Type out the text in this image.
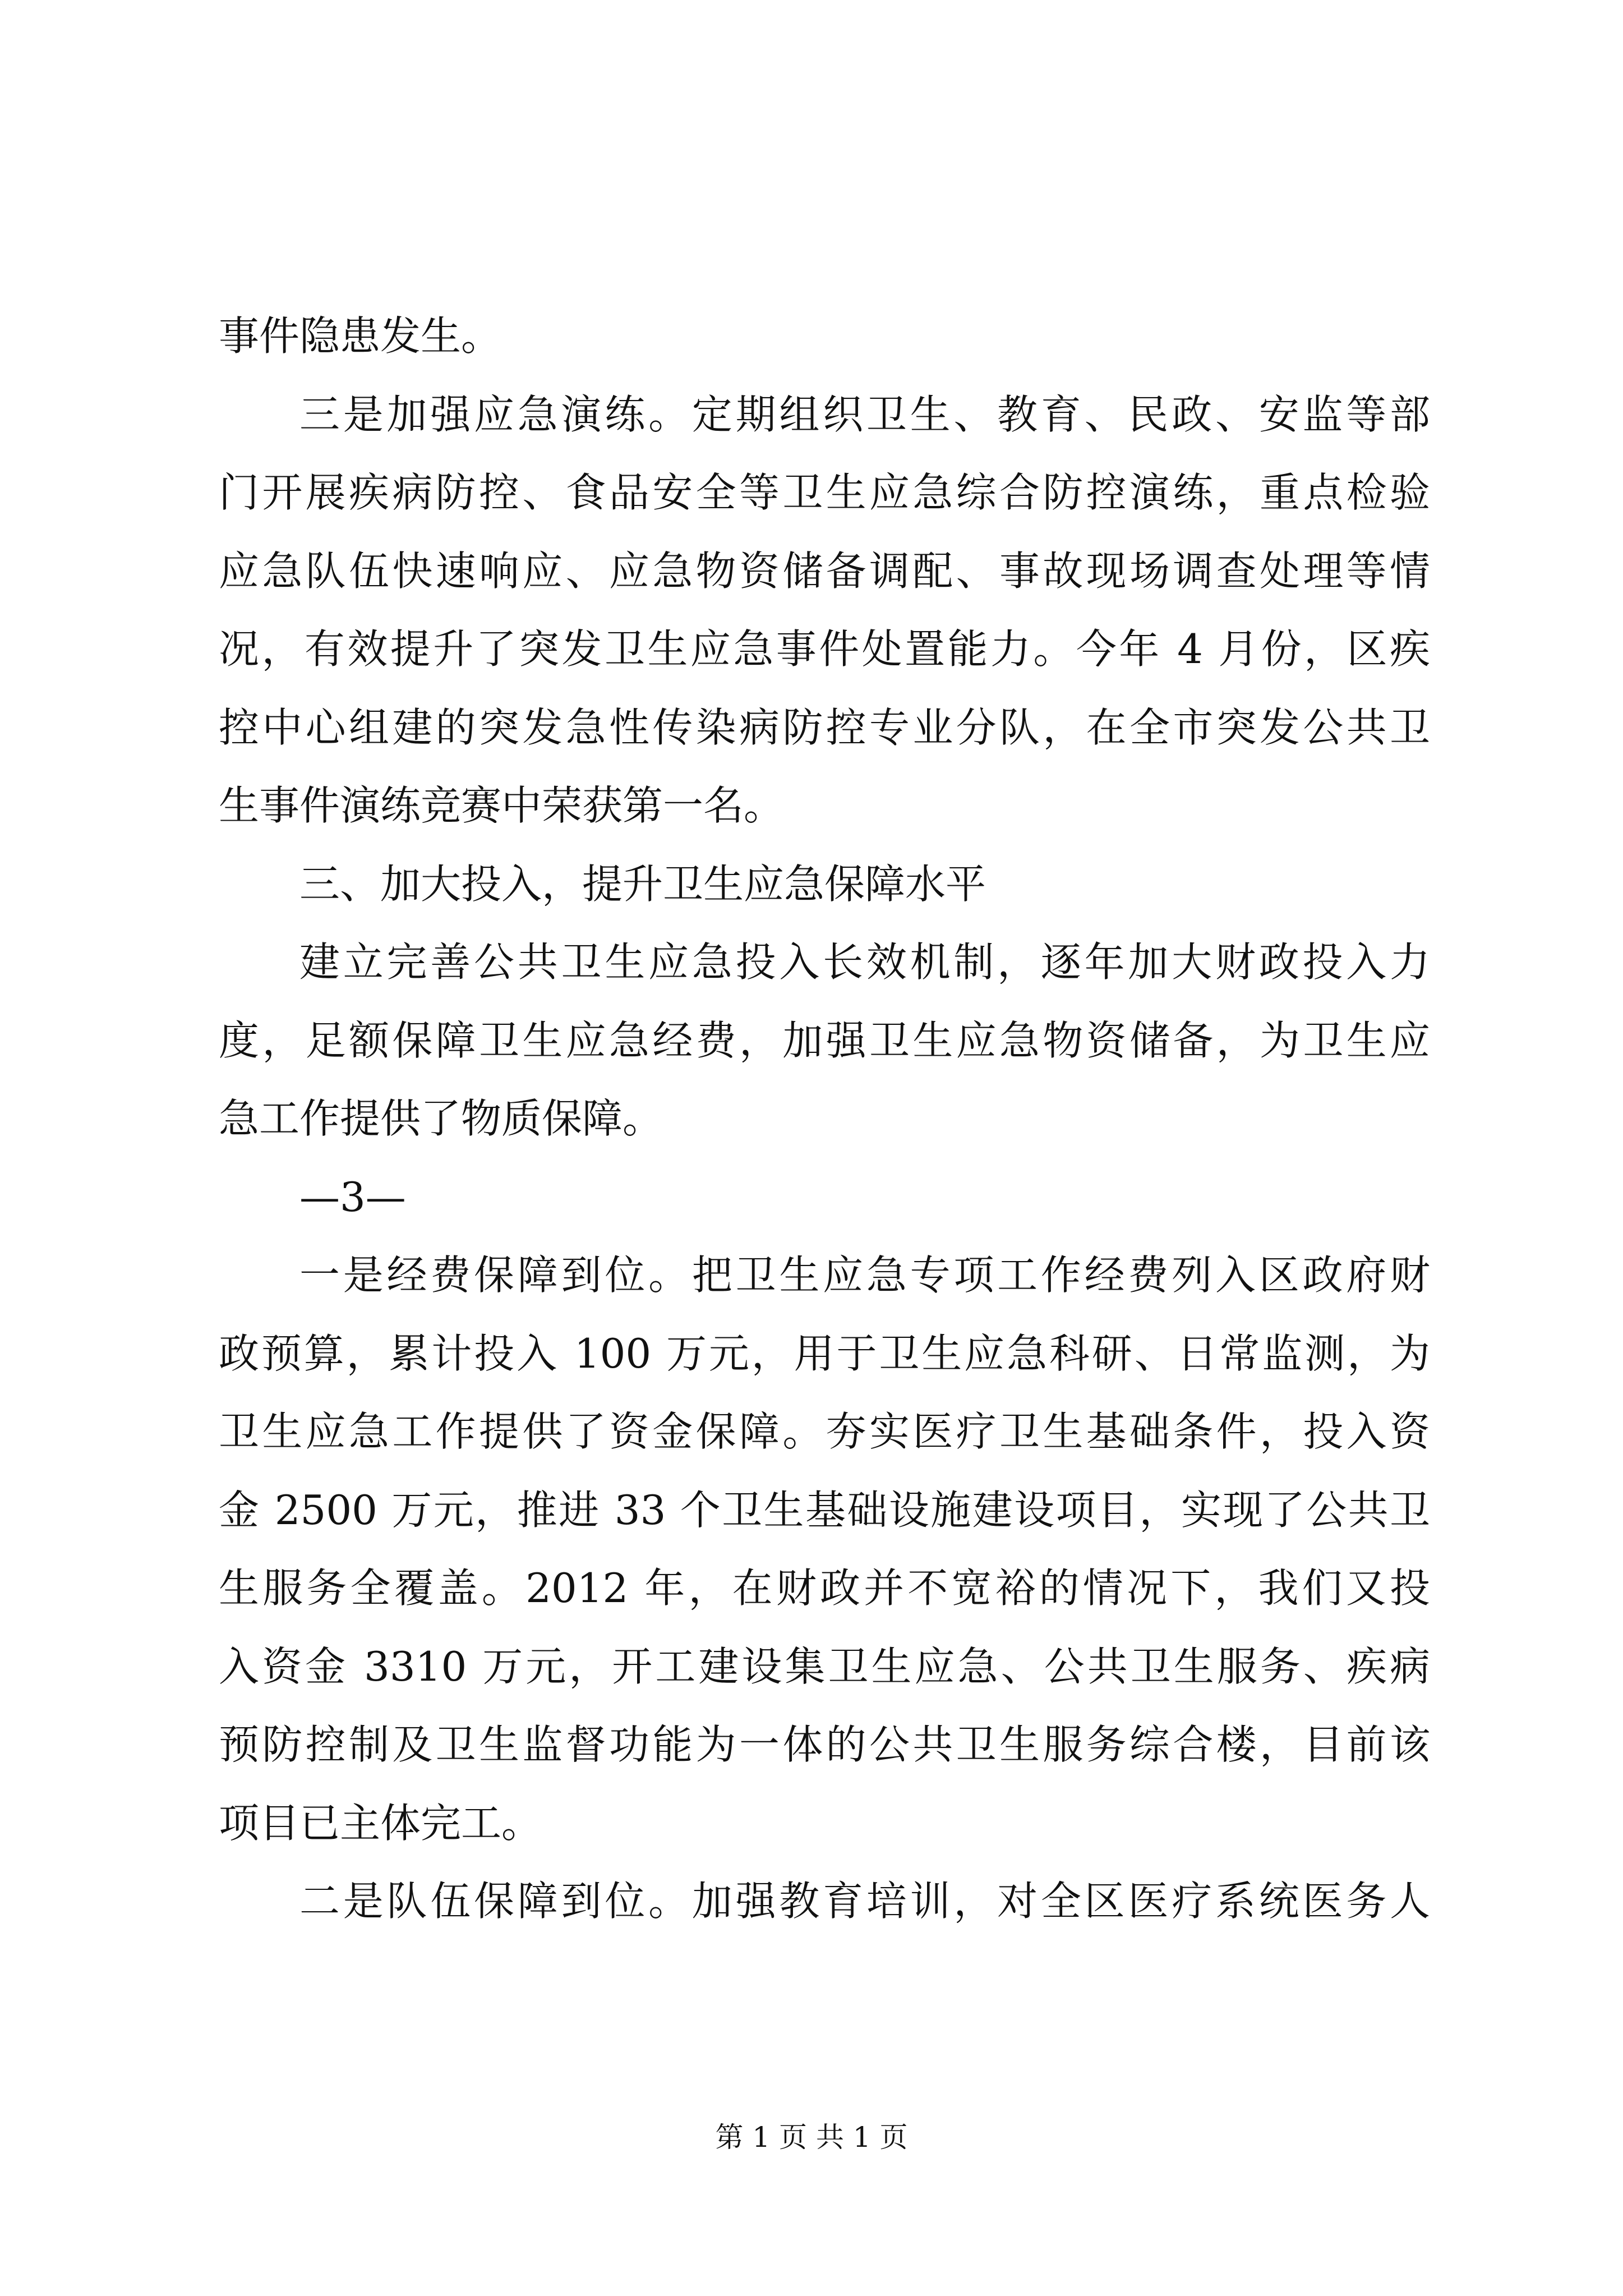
事件隐患发生。
三是加强应急演练。定期组织卫生、教育、民政、安监等部
门开展疾病防控、食品安全等卫生应急综合防控演练，重点检验
应急队伍快速响应、应急物资储备调配、事故现场调查处理等情
况，有效提升了突发卫生应急事件处置能力。今年 4 月份，区疾
控中心组建的突发急性传染病防控专业分队，在全市突发公共卫
生事件演练竞赛中荣获第一名。
三、加大投入，提升卫生应急保障水平
建立完善公共卫生应急投入长效机制，逐年加大财政投入力
度，足额保障卫生应急经费，加强卫生应急物资储备，为卫生应
急工作提供了物质保障。
—3—
一是经费保障到位。把卫生应急专项工作经费列入区政府财
政预算，累计投入 100 万元，用于卫生应急科研、日常监测，为
卫生应急工作提供了资金保障。夯实医疗卫生基础条件，投入资
金 2500 万元，推进 33 个卫生基础设施建设项目，实现了公共卫
生服务全覆盖。2012 年，在财政并不宽裕的情况下，我们又投
入资金 3310 万元，开工建设集卫生应急、公共卫生服务、疾病
预防控制及卫生监督功能为一体的公共卫生服务综合楼，目前该
项目已主体完工。
二是队伍保障到位。加强教育培训，对全区医疗系统医务人
第 1 页 共 1 页
